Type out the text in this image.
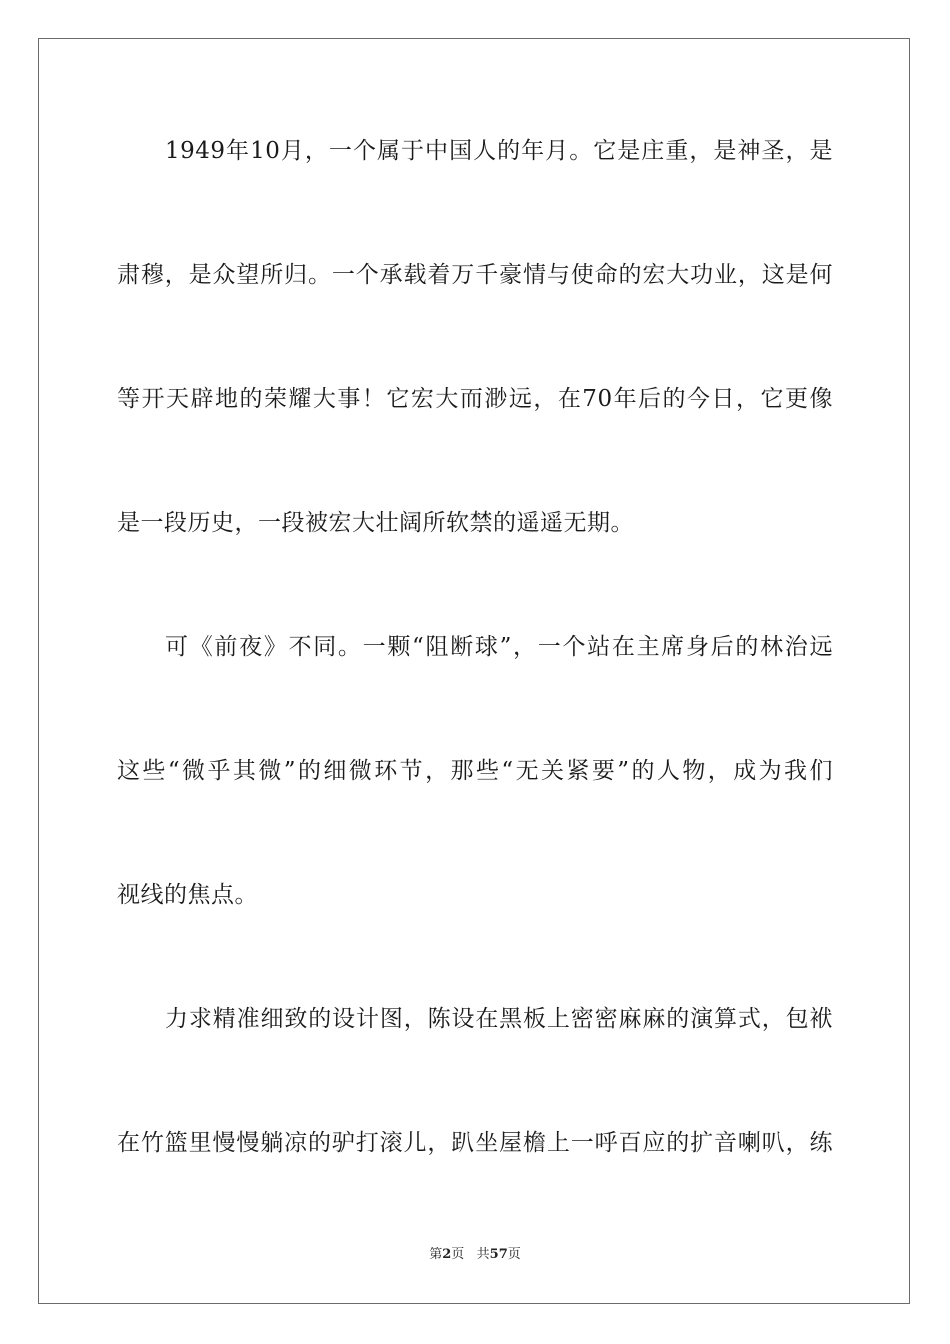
1949年10月，一个属于中国人的年月。它是庄重，是神圣，是
肃穆，是众望所归。一个承载着万千豪情与使命的宏大功业，这是何
等开天辟地的荣耀大事！它宏大而渺远，在70年后的今日，它更像
是一段历史，一段被宏大壮阔所软禁的遥遥无期。
可《前夜》不同。一颗“阻断球”，一个站在主席身后的林治远
这些“微乎其微”的细微环节，那些“无关紧要”的人物，成为我们
视线的焦点。
力求精准细致的设计图，陈设在黑板上密密麻麻的演算式，包袱
在竹篮里慢慢躺凉的驴打滚儿，趴坐屋檐上一呼百应的扩音喇叭，练
第2页   共57页
